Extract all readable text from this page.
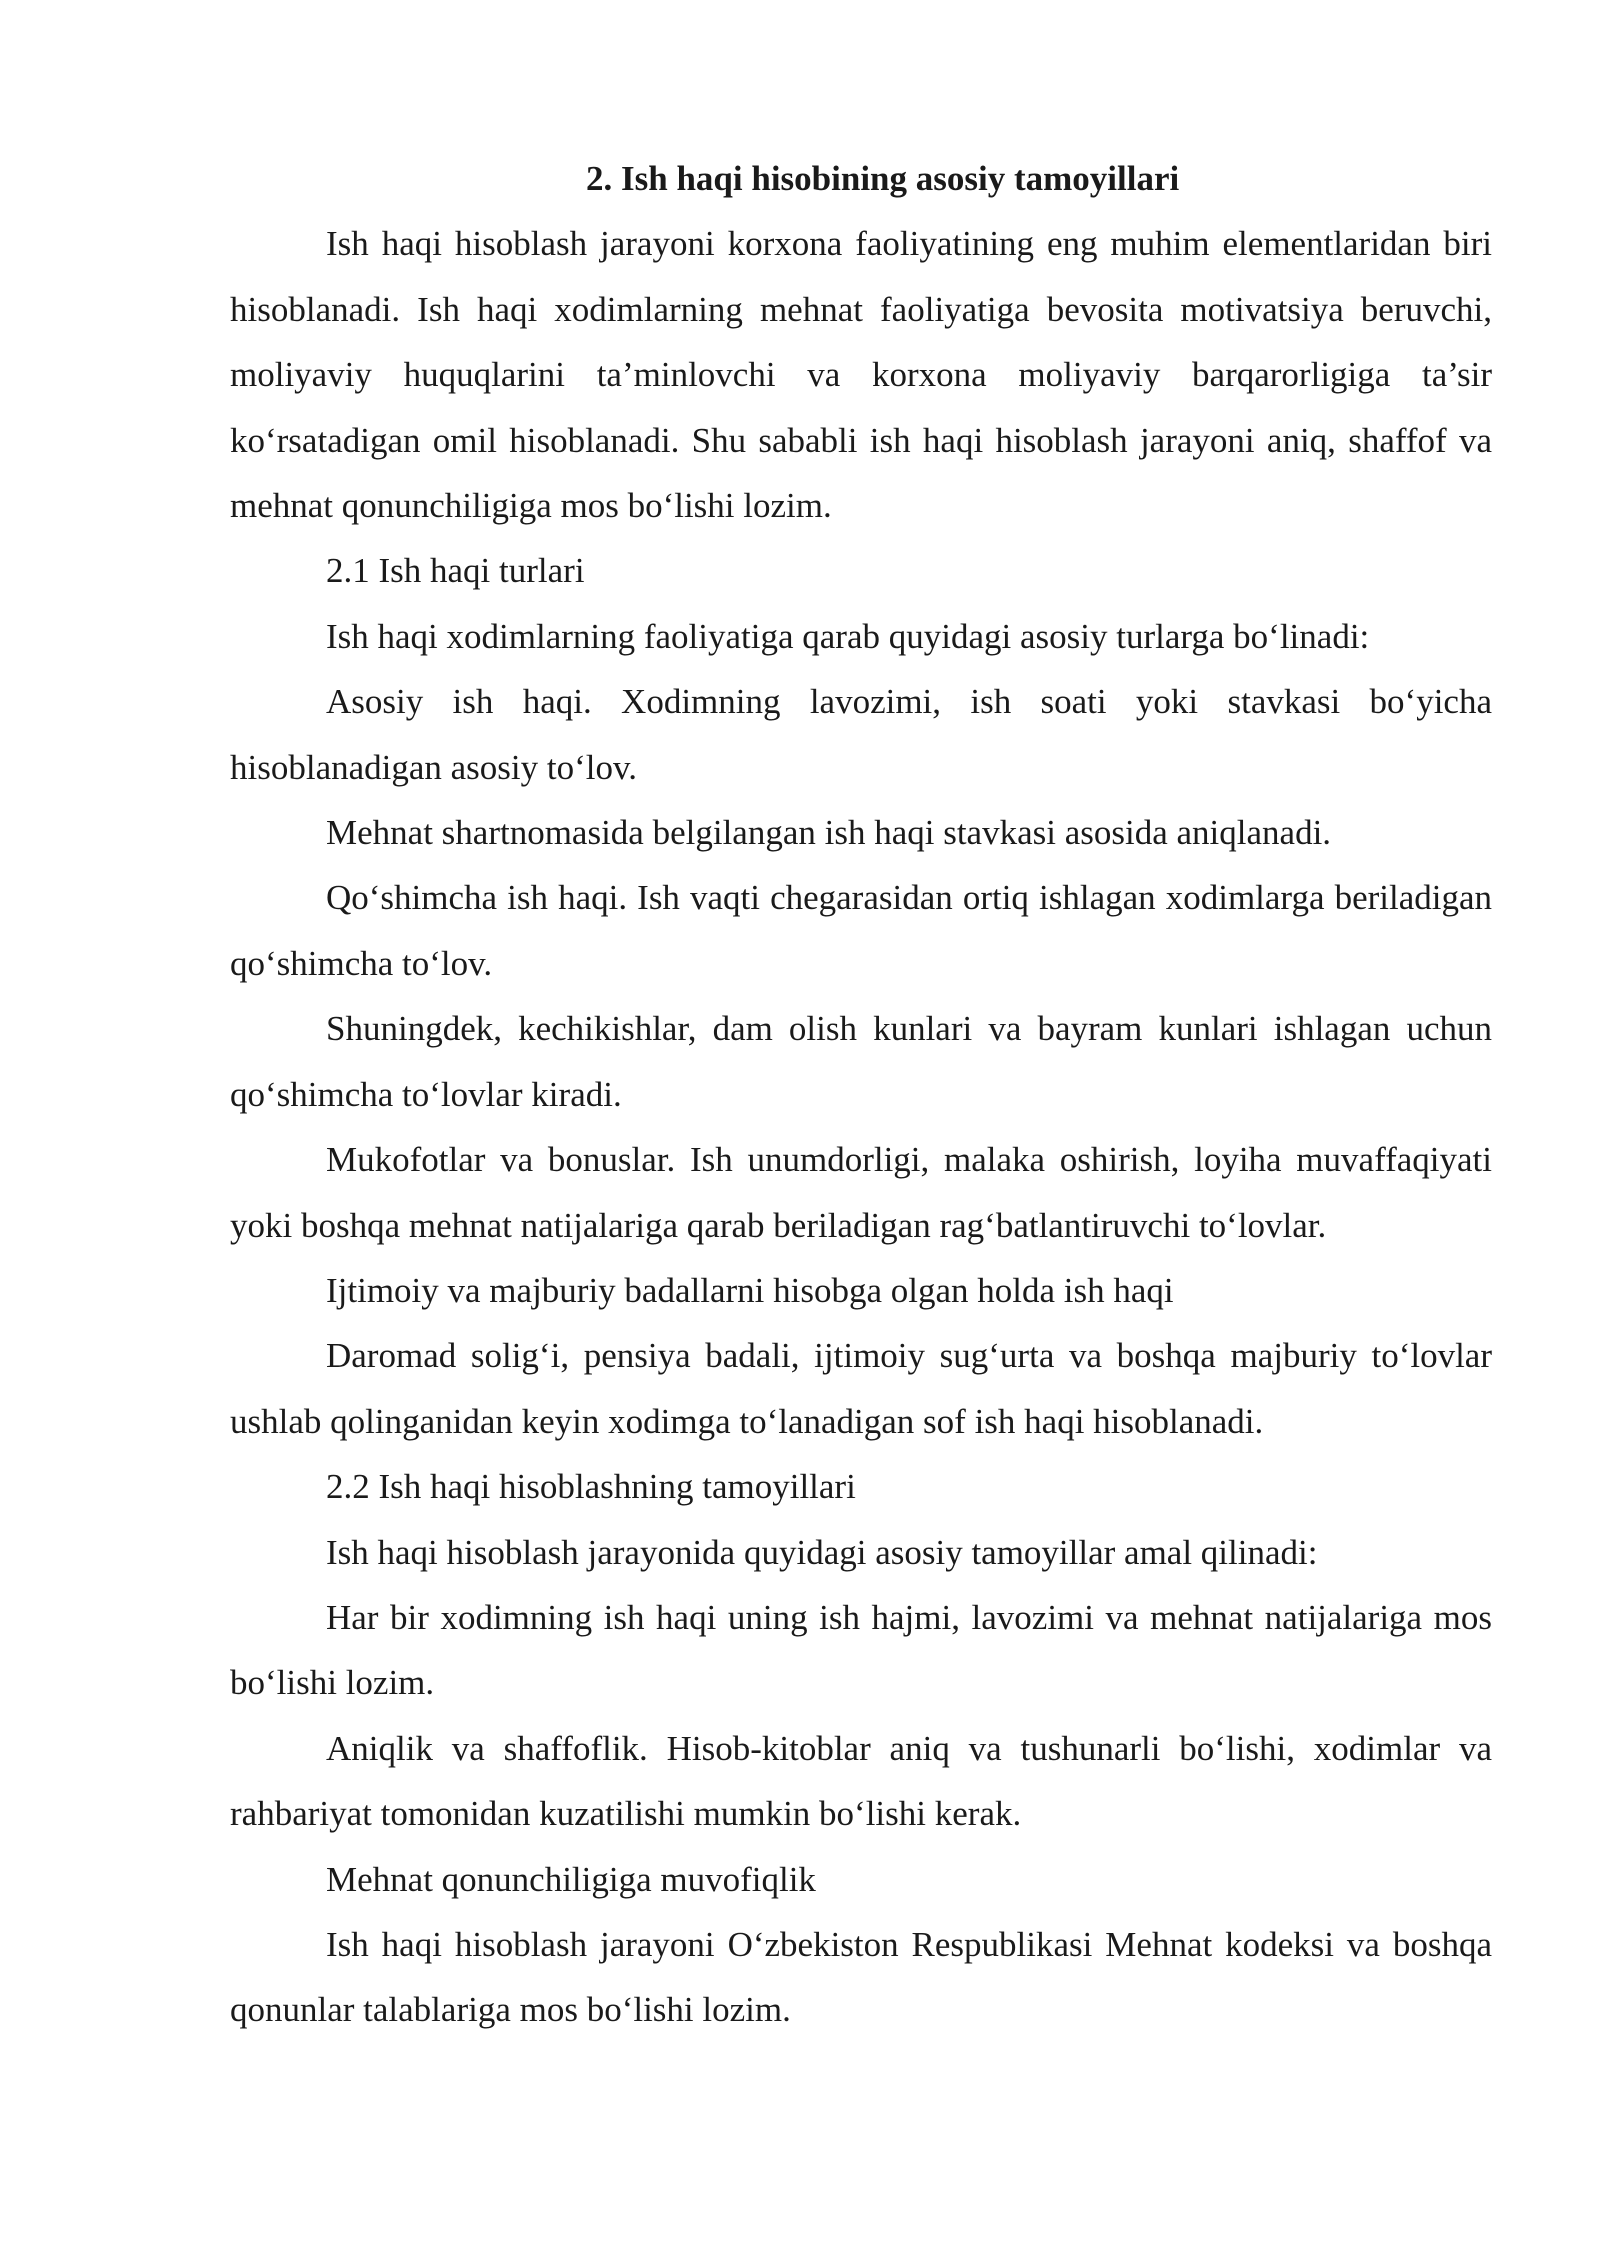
2. Ish haqi hisobining asosiy tamoyillari

Ish haqi hisoblash jarayoni korxona faoliyatining eng muhim elementlaridan biri hisoblanadi. Ish haqi xodimlarning mehnat faoliyatiga bevosita motivatsiya beruvchi, moliyaviy huquqlarini ta’minlovchi va korxona moliyaviy barqarorligiga ta’sir ko‘rsatadigan omil hisoblanadi. Shu sababli ish haqi hisoblash jarayoni aniq, shaffof va mehnat qonunchiligiga mos bo‘lishi lozim.

2.1 Ish haqi turlari

Ish haqi xodimlarning faoliyatiga qarab quyidagi asosiy turlarga bo‘linadi:

Asosiy ish haqi. Xodimning lavozimi, ish soati yoki stavkasi bo‘yicha hisoblanadigan asosiy to‘lov.

Mehnat shartnomasida belgilangan ish haqi stavkasi asosida aniqlanadi.

Qo‘shimcha ish haqi. Ish vaqti chegarasidan ortiq ishlagan xodimlarga beriladigan qo‘shimcha to‘lov.

Shuningdek, kechikishlar, dam olish kunlari va bayram kunlari ishlagan uchun qo‘shimcha to‘lovlar kiradi.

Mukofotlar va bonuslar. Ish unumdorligi, malaka oshirish, loyiha muvaffaqiyati yoki boshqa mehnat natijalariga qarab beriladigan rag‘batlantiruvchi to‘lovlar.

Ijtimoiy va majburiy badallarni hisobga olgan holda ish haqi

Daromad solig‘i, pensiya badali, ijtimoiy sug‘urta va boshqa majburiy to‘lovlar ushlab qolinganidan keyin xodimga to‘lanadigan sof ish haqi hisoblanadi.

2.2 Ish haqi hisoblashning tamoyillari

Ish haqi hisoblash jarayonida quyidagi asosiy tamoyillar amal qilinadi:

Har bir xodimning ish haqi uning ish hajmi, lavozimi va mehnat natijalariga mos bo‘lishi lozim.

Aniqlik va shaffoflik. Hisob-kitoblar aniq va tushunarli bo‘lishi, xodimlar va rahbariyat tomonidan kuzatilishi mumkin bo‘lishi kerak.

Mehnat qonunchiligiga muvofiqlik

Ish haqi hisoblash jarayoni O‘zbekiston Respublikasi Mehnat kodeksi va boshqa qonunlar talablariga mos bo‘lishi lozim.
